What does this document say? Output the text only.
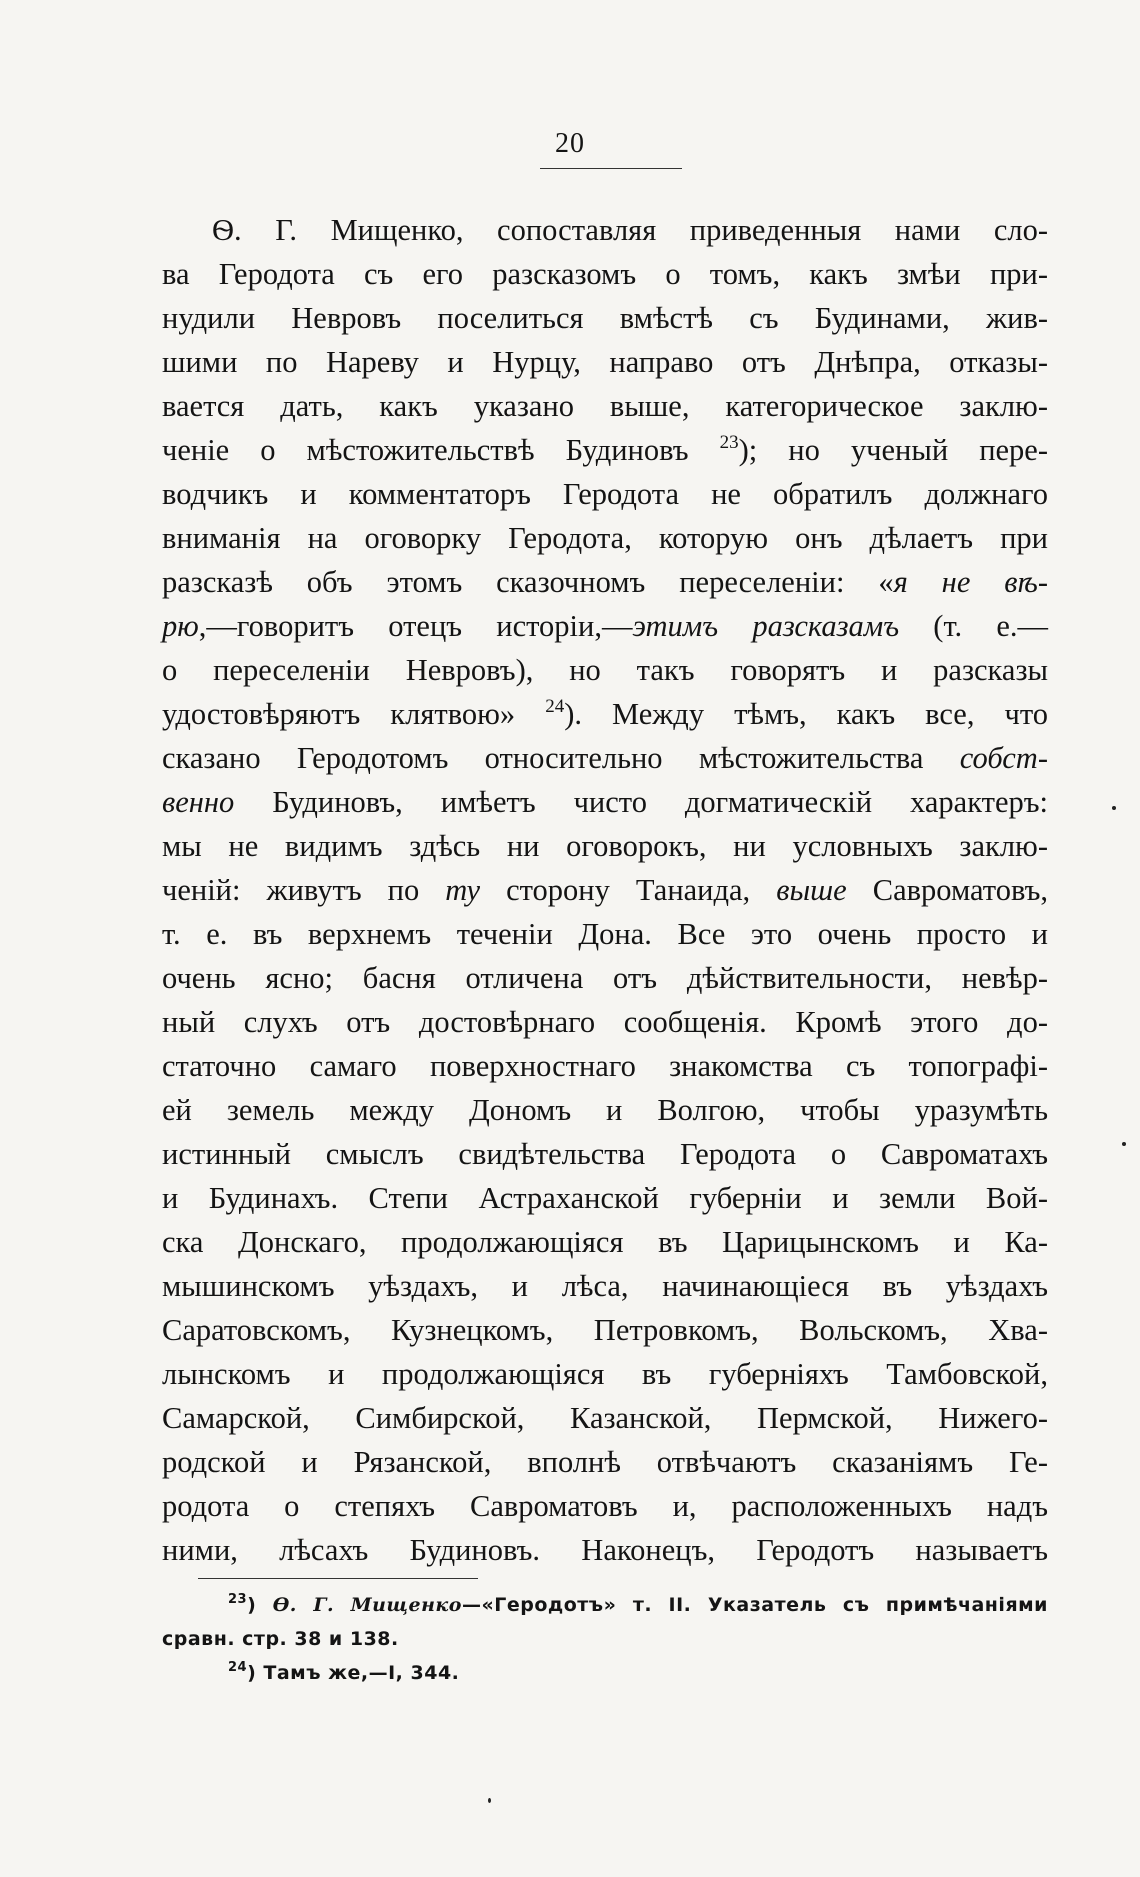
20
Ѳ. Г. Мищенко, сопоставляя приведенныя нами сло-
ва Геродота съ его разсказомъ о томъ, какъ змѣи при-
нудили Невровъ поселиться вмѣстѣ съ Будинами, жив-
шими по Нареву и Нурцу, направо отъ Днѣпра, отказы-
вается дать, какъ указано выше, категорическое заклю-
ченіе о мѣстожительствѣ Будиновъ $^{23}$); но ученый пере-
водчикъ и комментаторъ Геродота не обратилъ должнаго
вниманія на оговорку Геродота, которую онъ дѣлаетъ при
разсказѣ объ этомъ сказочномъ переселеніи: «я не вѣ-
рю,—говоритъ отецъ исторіи,—этимъ разсказамъ (т. е.—
о переселеніи Невровъ), но такъ говорятъ и разсказы
удостовѣряютъ клятвою» $^{24}$). Между тѣмъ, какъ все, что
сказано Геродотомъ относительно мѣстожительства собст-
венно Будиновъ, имѣетъ чисто догматическій характеръ:
мы не видимъ здѣсь ни оговорокъ, ни условныхъ заклю-
ченій: живутъ по ту сторону Танаида, выше Савроматовъ,
т. е. въ верхнемъ теченіи Дона. Все это очень просто и
очень ясно; басня отличена отъ дѣйствительности, невѣр-
ный слухъ отъ достовѣрнаго сообщенія. Кромѣ этого до-
статочно самаго поверхностнаго знакомства съ топографі-
ей земель между Дономъ и Волгою, чтобы уразумѣть
истинный смыслъ свидѣтельства Геродота о Савроматахъ
и Будинахъ. Степи Астраханской губерніи и земли Вой-
ска Донскаго, продолжающіяся въ Царицынскомъ и Ка-
мышинскомъ уѣздахъ, и лѣса, начинающіеся въ уѣздахъ
Саратовскомъ, Кузнецкомъ, Петровкомъ, Вольскомъ, Хва-
лынскомъ и продолжающіяся въ губерніяхъ Тамбовской,
Самарской, Симбирской, Казанской, Пермской, Нижего-
родской и Рязанской, вполнѣ отвѣчаютъ сказаніямъ Ге-
родота о степяхъ Савроматовъ и, расположенныхъ надъ
ними, лѣсахъ Будиновъ. Наконецъ, Геродотъ называетъ
$^{23}$) Ѳ. Г. Мищенко—«Геродотъ» т. II. Указатель съ примѣчаніями
сравн. стр. 38 и 138.
$^{24}$) Тамъ же,—I, 344.
